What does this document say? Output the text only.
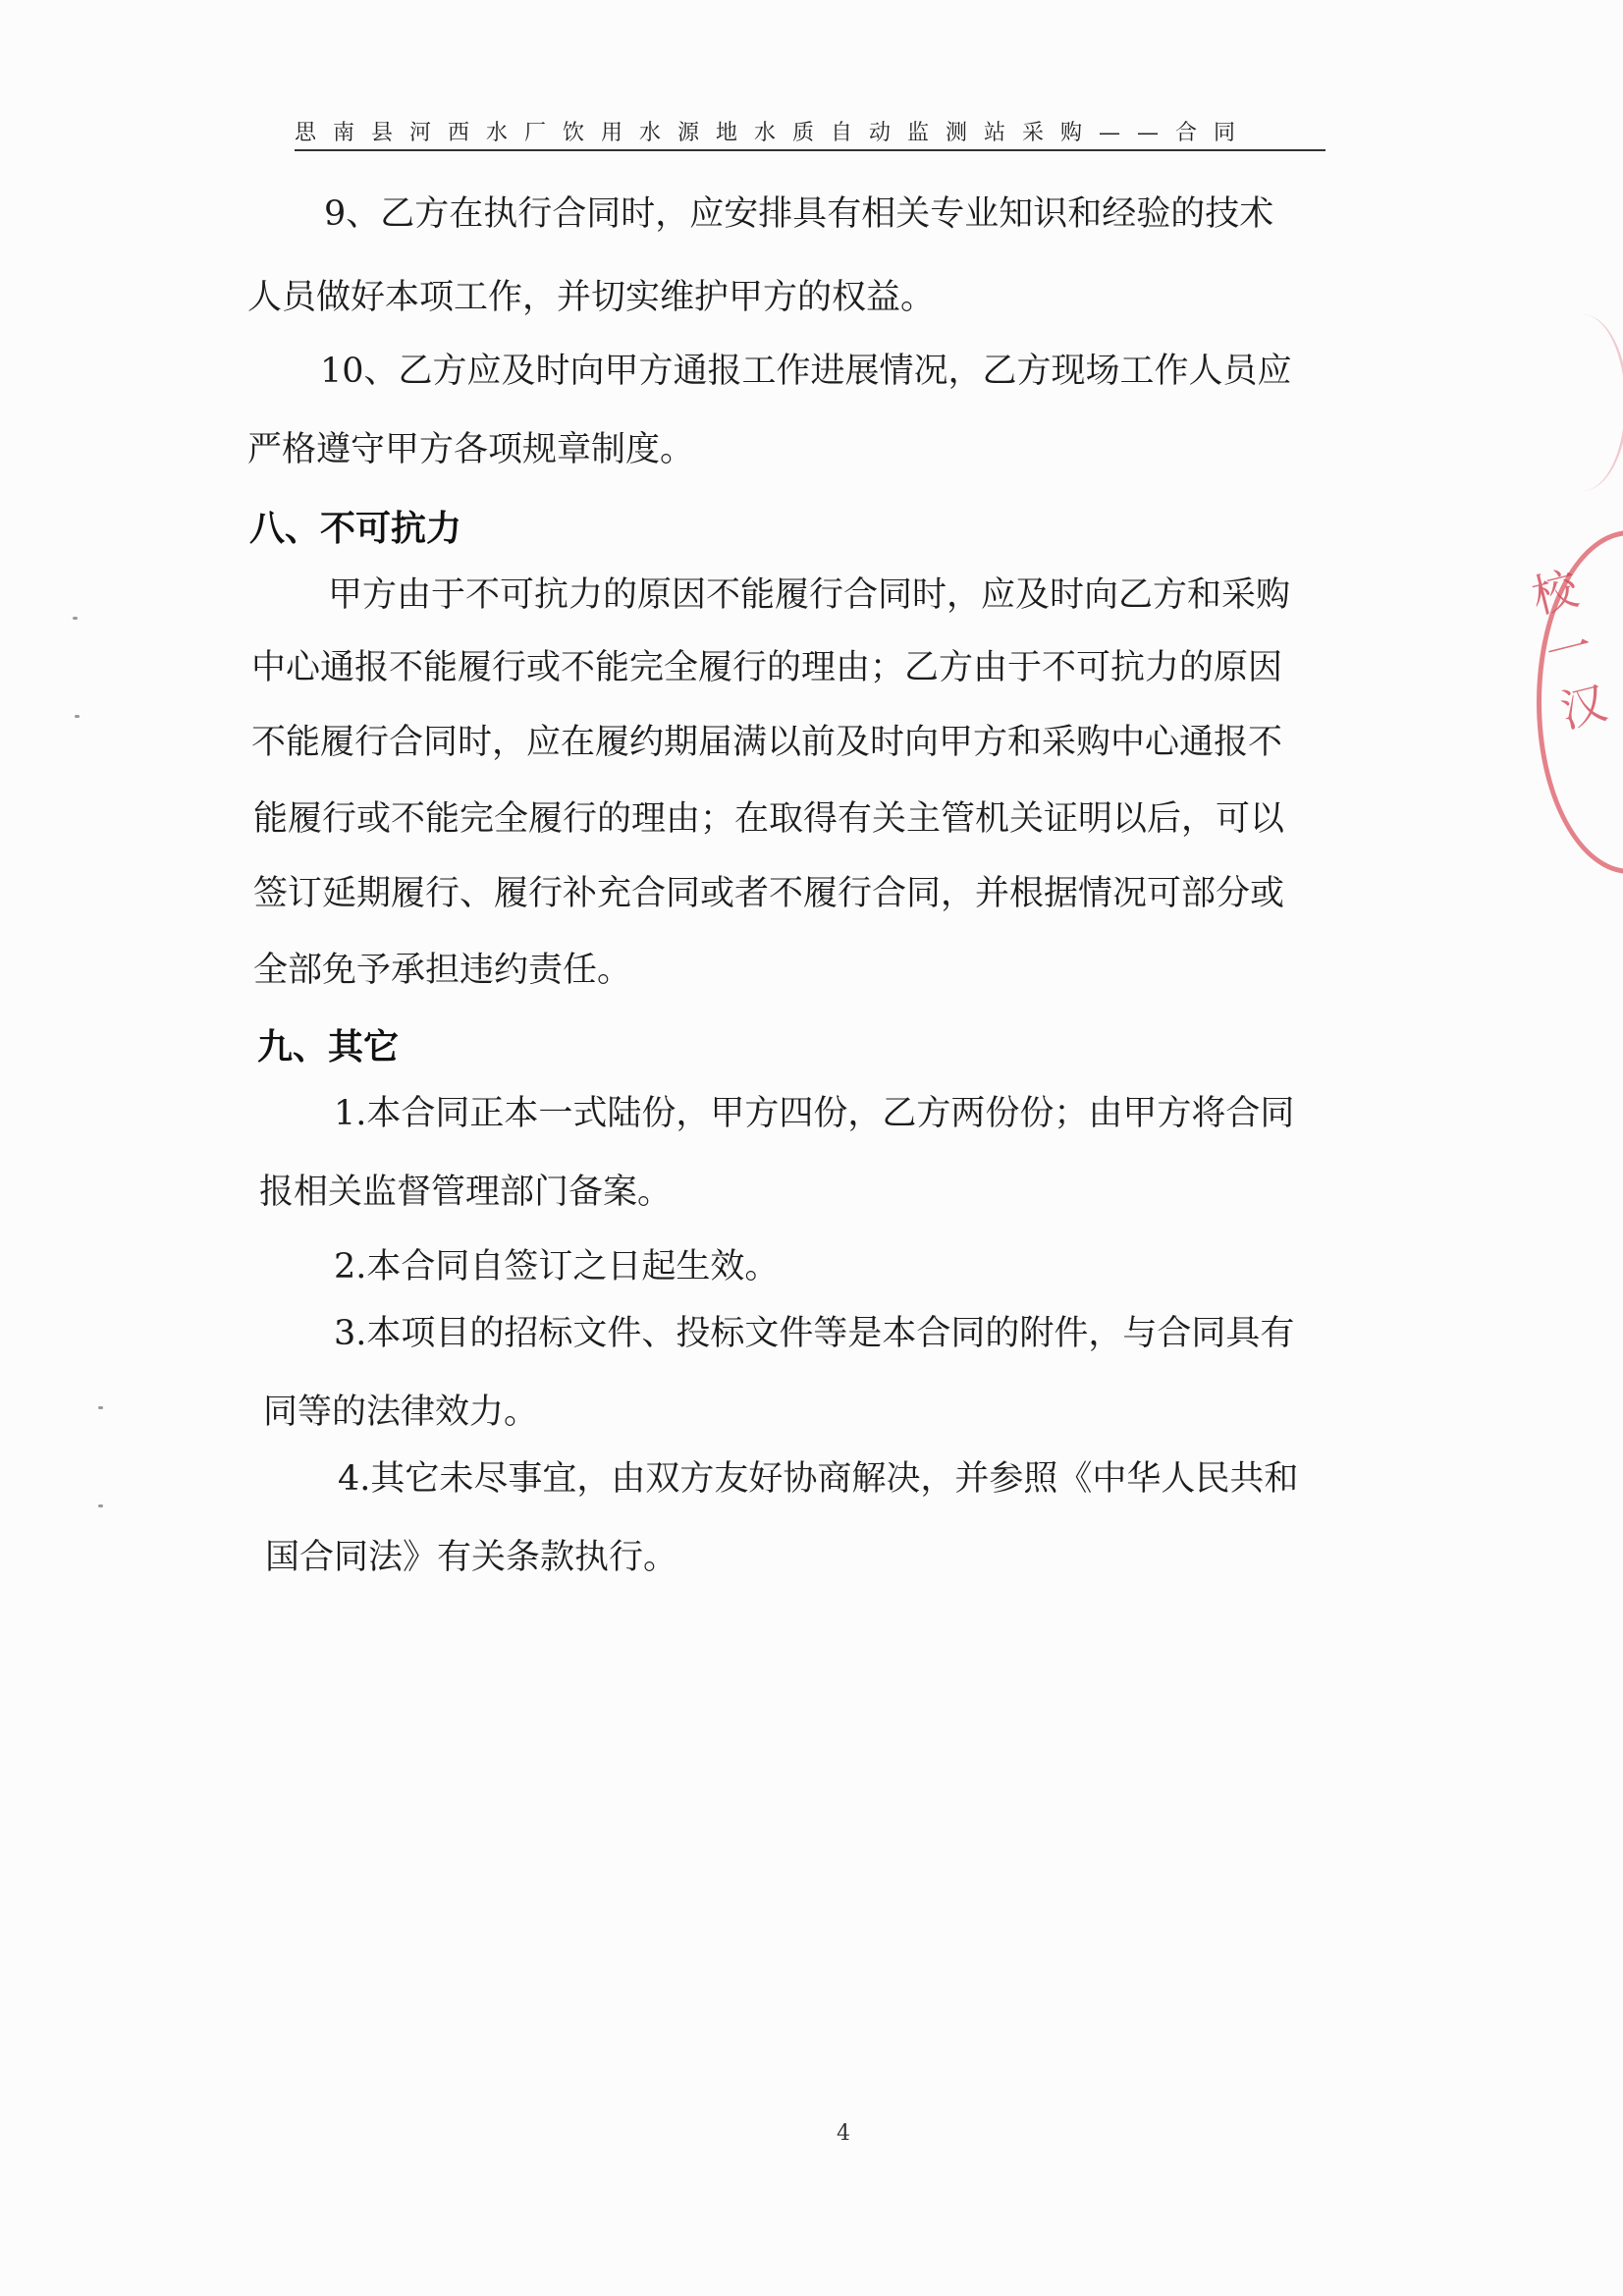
思南县河西水厂饮用水源地水质自动监测站采购——合同
9、乙方在执行合同时，应安排具有相关专业知识和经验的技术
人员做好本项工作，并切实维护甲方的权益。
10、乙方应及时向甲方通报工作进展情况，乙方现场工作人员应
严格遵守甲方各项规章制度。
八、不可抗力
甲方由于不可抗力的原因不能履行合同时，应及时向乙方和采购
中心通报不能履行或不能完全履行的理由；乙方由于不可抗力的原因
不能履行合同时，应在履约期届满以前及时向甲方和采购中心通报不
能履行或不能完全履行的理由；在取得有关主管机关证明以后，可以
签订延期履行、履行补充合同或者不履行合同，并根据情况可部分或
全部免予承担违约责任。
九、其它
1.本合同正本一式陆份，甲方四份，乙方两份份；由甲方将合同
报相关监督管理部门备案。
2.本合同自签订之日起生效。
3.本项目的招标文件、投标文件等是本合同的附件，与合同具有
同等的法律效力。
4.其它未尽事宜，由双方友好协商解决，并参照《中华人民共和
国合同法》有关条款执行。
4
校一汉
